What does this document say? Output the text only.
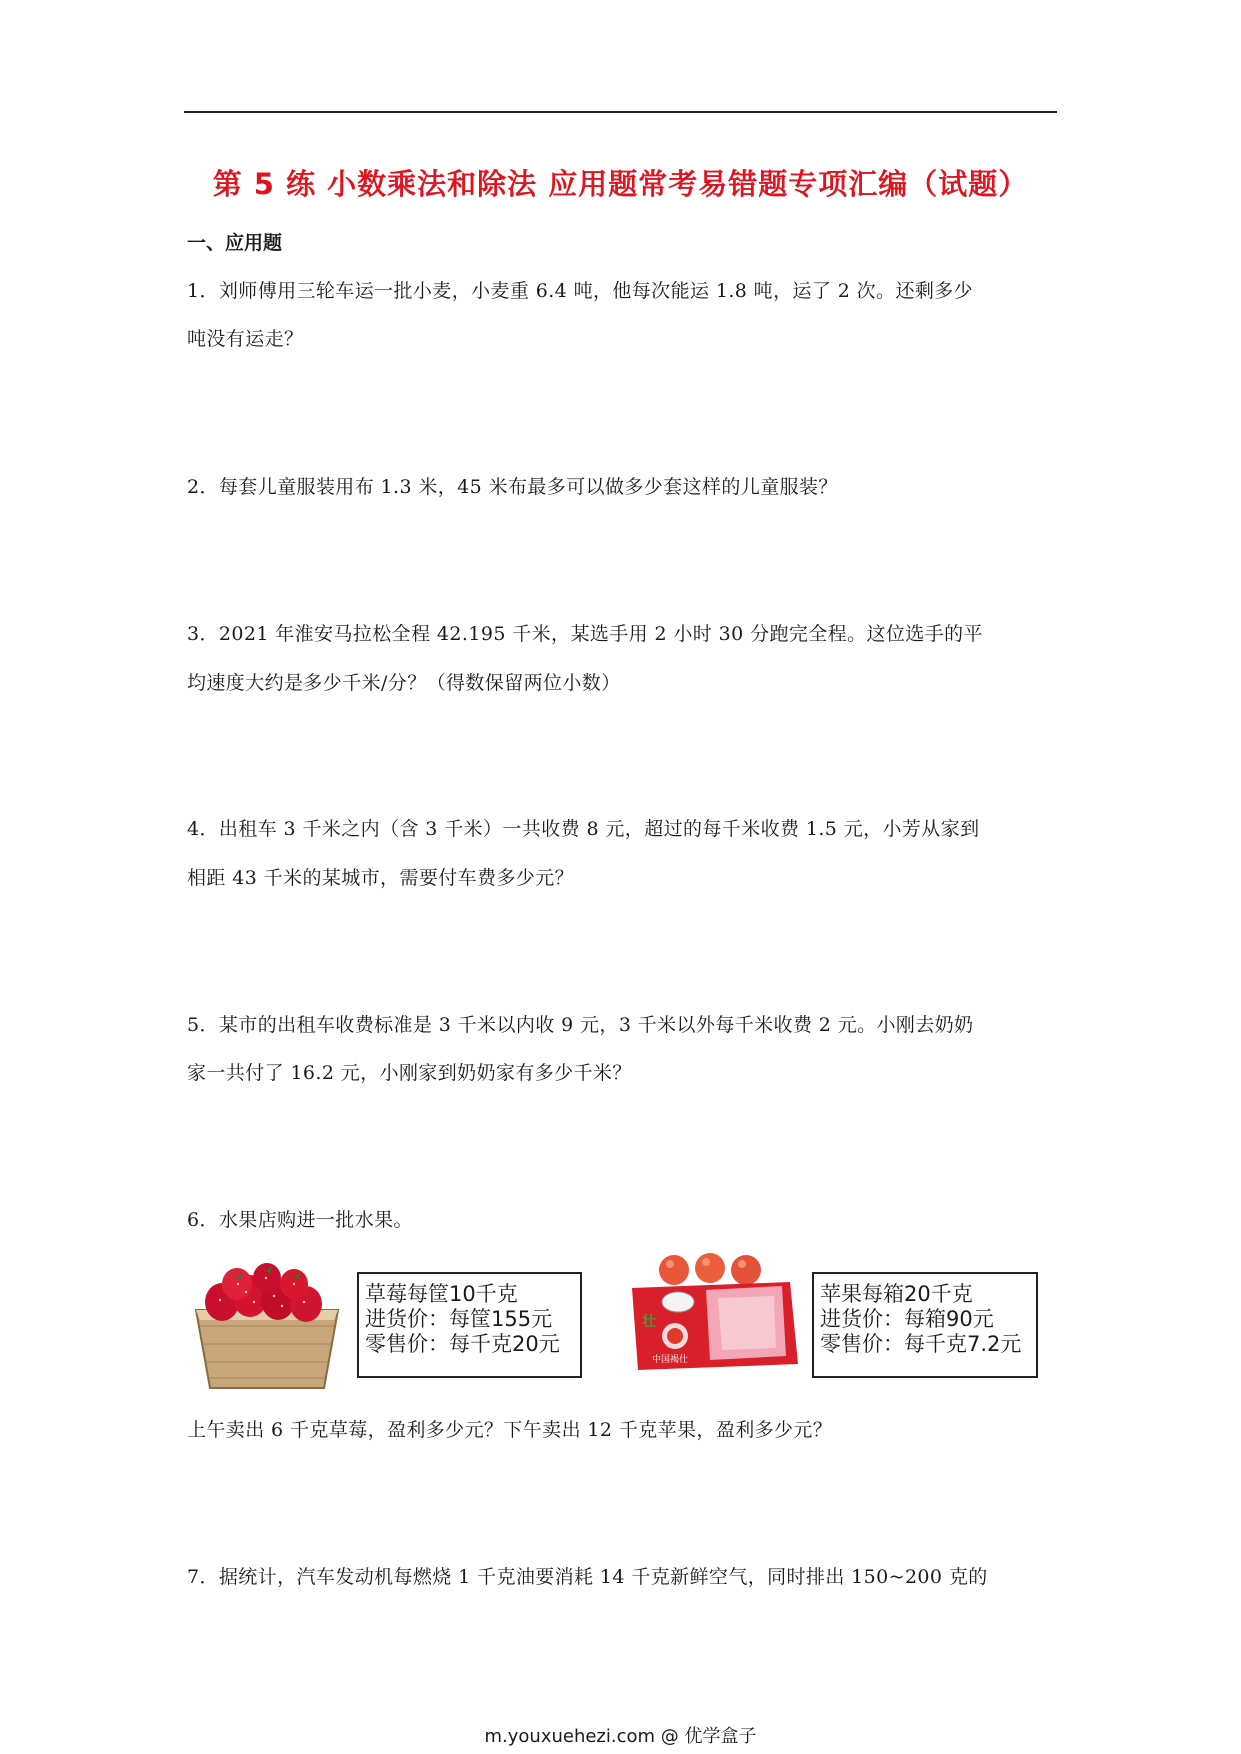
第 5 练 小数乘法和除法 应用题常考易错题专项汇编（试题）
一、应用题
1．刘师傅用三轮车运一批小麦，小麦重 6.4 吨，他每次能运 1.8 吨，运了 2 次。还剩多少
吨没有运走？
2．每套儿童服装用布 1.3 米，45 米布最多可以做多少套这样的儿童服装？
3．2021 年淮安马拉松全程 42.195 千米，某选手用 2 小时 30 分跑完全程。这位选手的平
均速度大约是多少千米/分？（得数保留两位小数）
4．出租车 3 千米之内（含 3 千米）一共收费 8 元，超过的每千米收费 1.5 元，小芳从家到
相距 43 千米的某城市，需要付车费多少元？
5．某市的出租车收费标准是 3 千米以内收 9 元，3 千米以外每千米收费 2 元。小刚去奶奶
家一共付了 16.2 元，小刚家到奶奶家有多少千米？
6．水果店购进一批水果。
草莓每筐10千克
进货价：每筐155元
零售价：每千克20元
壮
中国褐仕
苹果每箱20千克
进货价：每箱90元
零售价：每千克7.2元
上午卖出 6 千克草莓，盈利多少元？下午卖出 12 千克苹果，盈利多少元？
7．据统计，汽车发动机每燃烧 1 千克油要消耗 14 千克新鲜空气，同时排出 150~200 克的
m.youxuehezi.com @ 优学盒子
